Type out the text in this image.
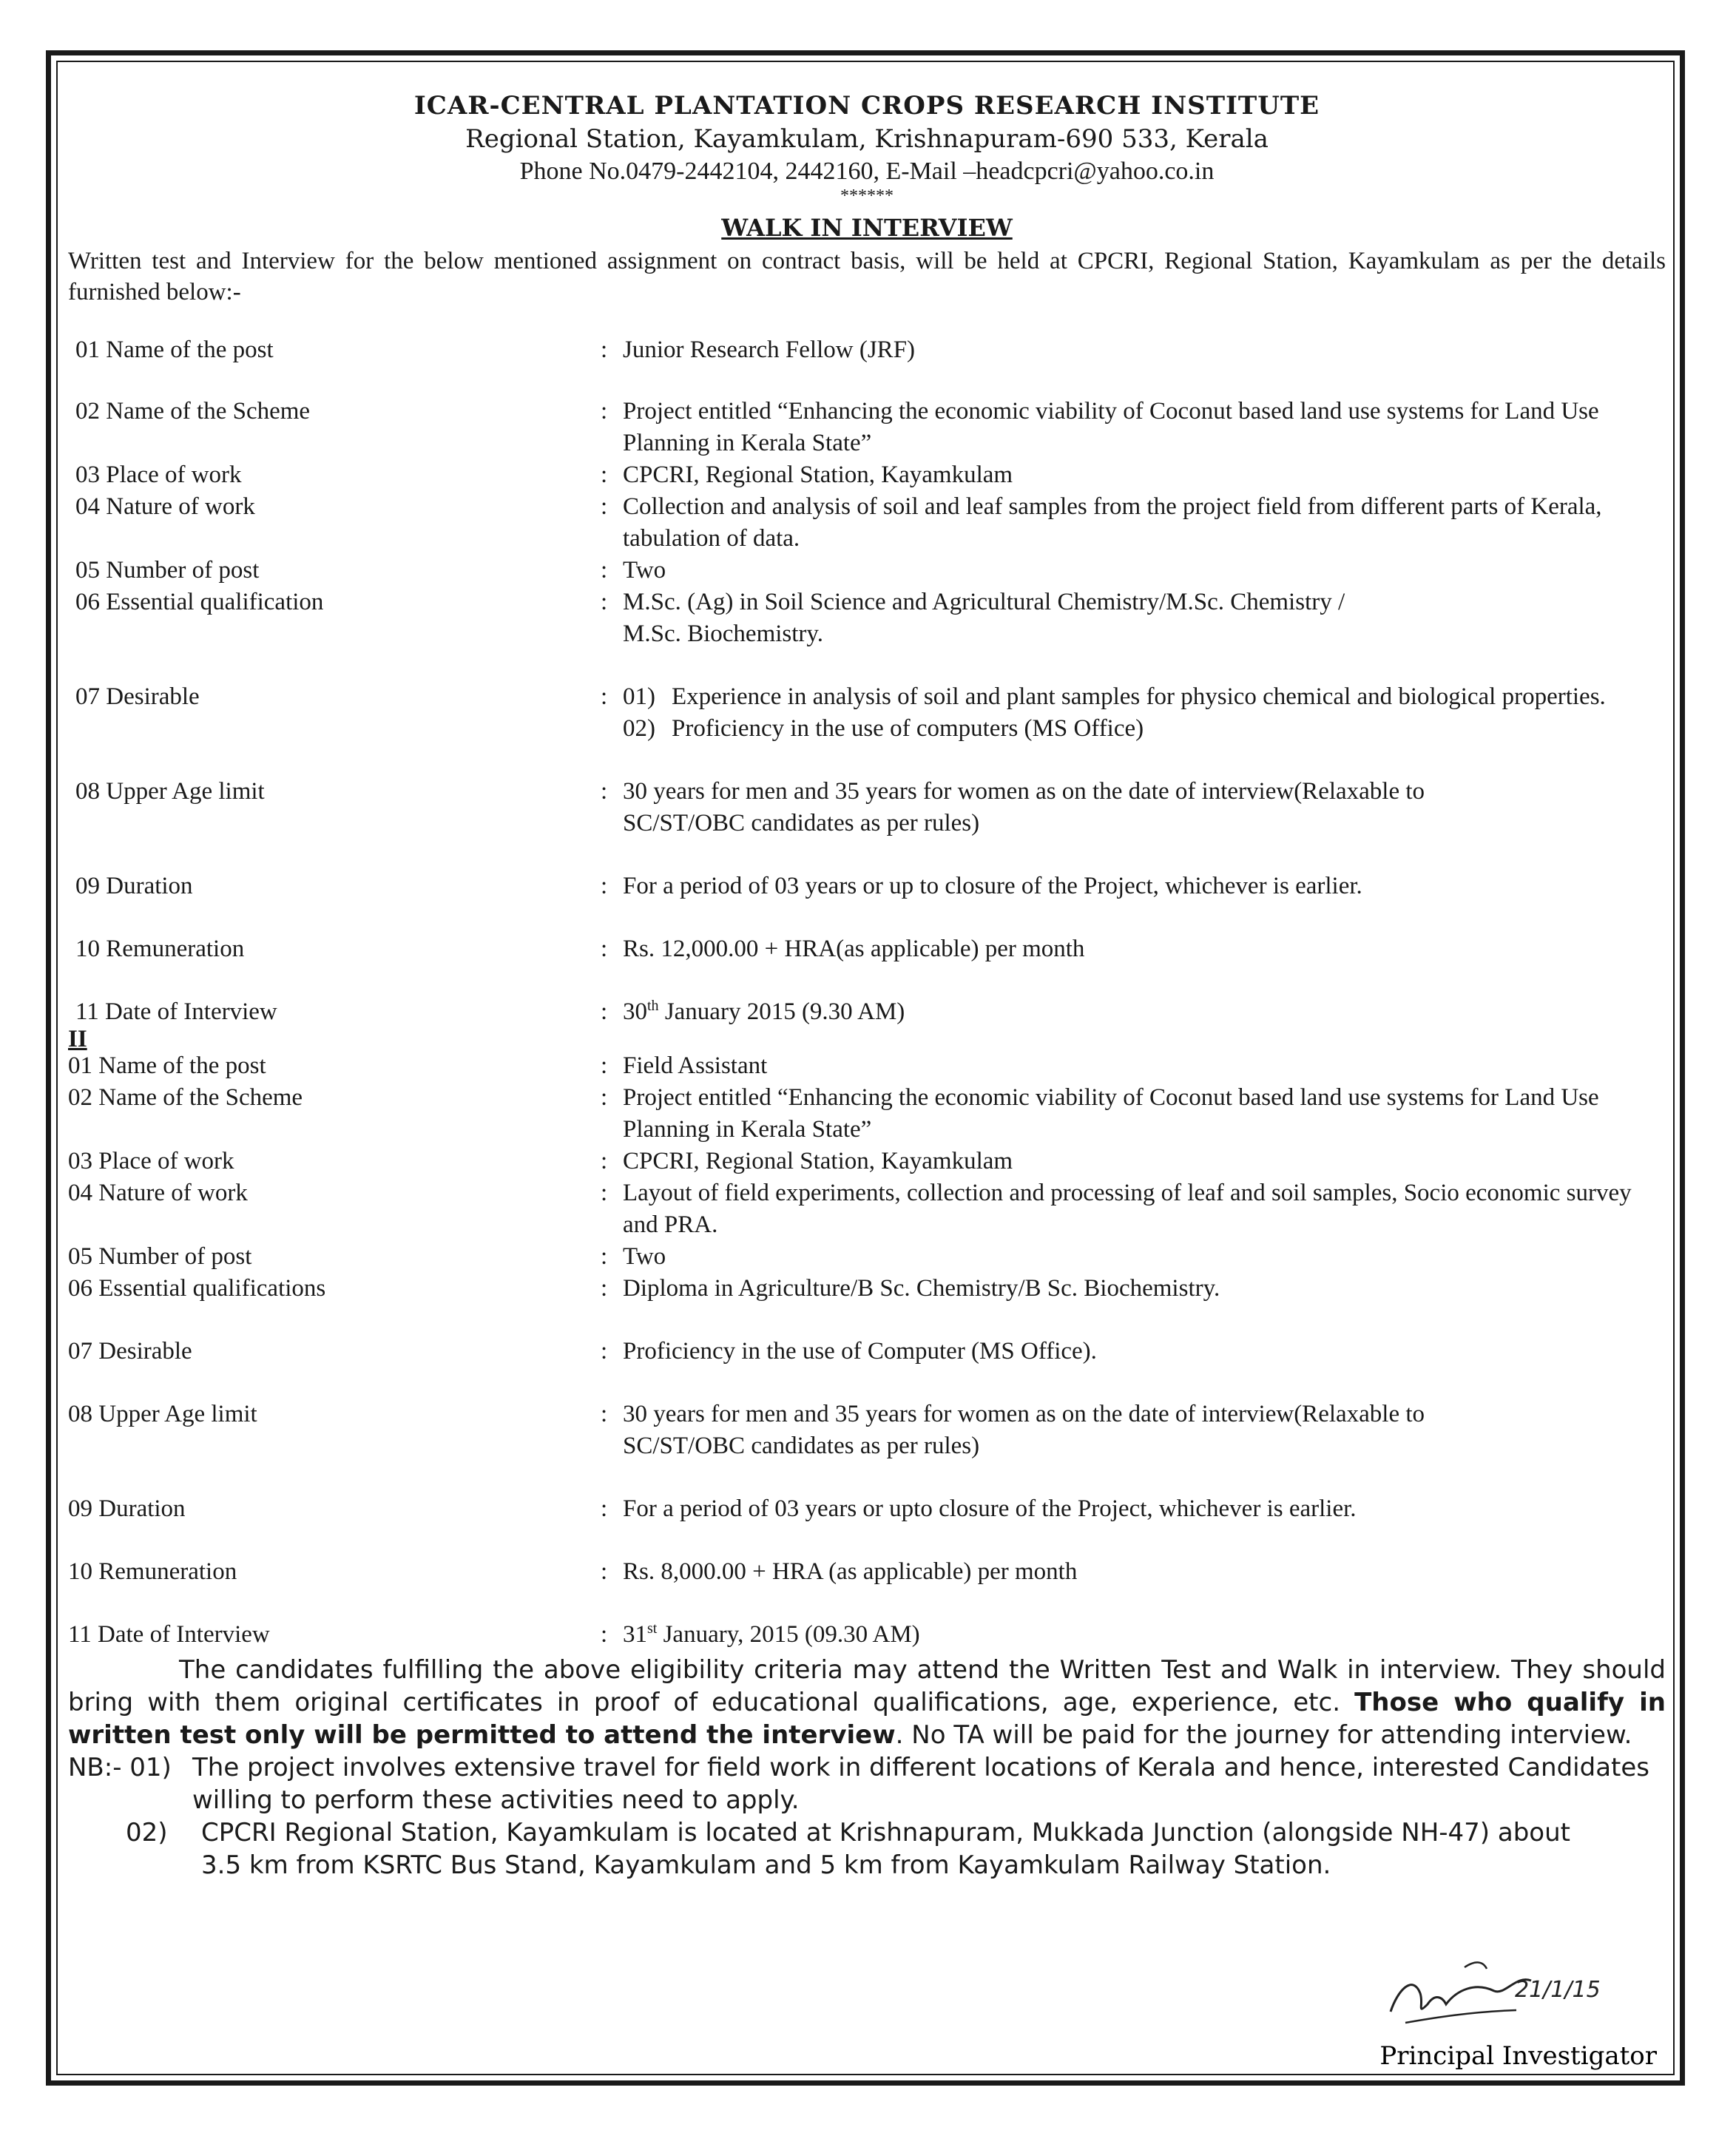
ICAR-CENTRAL PLANTATION CROPS RESEARCH INSTITUTE
Regional Station, Kayamkulam, Krishnapuram-690 533, Kerala
Phone No.0479-2442104, 2442160, E-Mail –headcpcri@yahoo.co.in
******
WALK IN INTERVIEW
Written test and Interview for the below mentioned assignment on contract basis, will be held at CPCRI, Regional Station, Kayamkulam as per the details furnished below:-
01 Name of the post	: Junior Research Fellow (JRF)
02 Name of the Scheme	: Project entitled “Enhancing the economic viability of Coconut based land use systems for Land Use Planning in Kerala State”
03 Place of work	: CPCRI, Regional Station, Kayamkulam
04 Nature of work	: Collection and analysis of soil and leaf samples from the project field from different parts of Kerala, tabulation of data.
05 Number of post	: Two
06 Essential qualification	: M.Sc. (Ag) in Soil Science and Agricultural Chemistry/M.Sc. Chemistry / M.Sc. Biochemistry.
07 Desirable	: 01) Experience in analysis of soil and plant samples for physico chemical and biological properties.
02) Proficiency in the use of computers (MS Office)
08 Upper Age limit	: 30 years for men and 35 years for women as on the date of interview(Relaxable to SC/ST/OBC candidates as per rules)
09 Duration	: For a period of 03 years or up to closure of the Project, whichever is earlier.
10 Remuneration	: Rs. 12,000.00 + HRA(as applicable) per month
11 Date of Interview	: 30th January 2015 (9.30 AM)
II
01 Name of the post	: Field Assistant
02 Name of the Scheme	: Project entitled “Enhancing the economic viability of Coconut based land use systems for Land Use Planning in Kerala State”
03 Place of work	: CPCRI, Regional Station, Kayamkulam
04 Nature of work	: Layout of field experiments, collection and processing of leaf and soil samples, Socio economic survey and PRA.
05 Number of post	: Two
06 Essential qualifications	: Diploma in Agriculture/B Sc. Chemistry/B Sc. Biochemistry.
07 Desirable	: Proficiency in the use of Computer (MS Office).
08 Upper Age limit	: 30 years for men and 35 years for women as on the date of interview(Relaxable to SC/ST/OBC candidates as per rules)
09 Duration	: For a period of 03 years or upto closure of the Project, whichever is earlier.
10 Remuneration	: Rs. 8,000.00 + HRA (as applicable) per month
11 Date of Interview	: 31st January, 2015 (09.30 AM)
The candidates fulfilling the above eligibility criteria may attend the Written Test and Walk in interview. They should bring with them original certificates in proof of educational qualifications, age, experience, etc. Those who qualify in written test only will be permitted to attend the interview. No TA will be paid for the journey for attending interview.
NB:- 01) The project involves extensive travel for field work in different locations of Kerala and hence, interested Candidates willing to perform these activities need to apply.
02)	CPCRI Regional Station, Kayamkulam is located at Krishnapuram, Mukkada Junction (alongside NH-47) about 3.5 km from KSRTC Bus Stand, Kayamkulam and 5 km from Kayamkulam Railway Station.
21/1/15
Principal Investigator
